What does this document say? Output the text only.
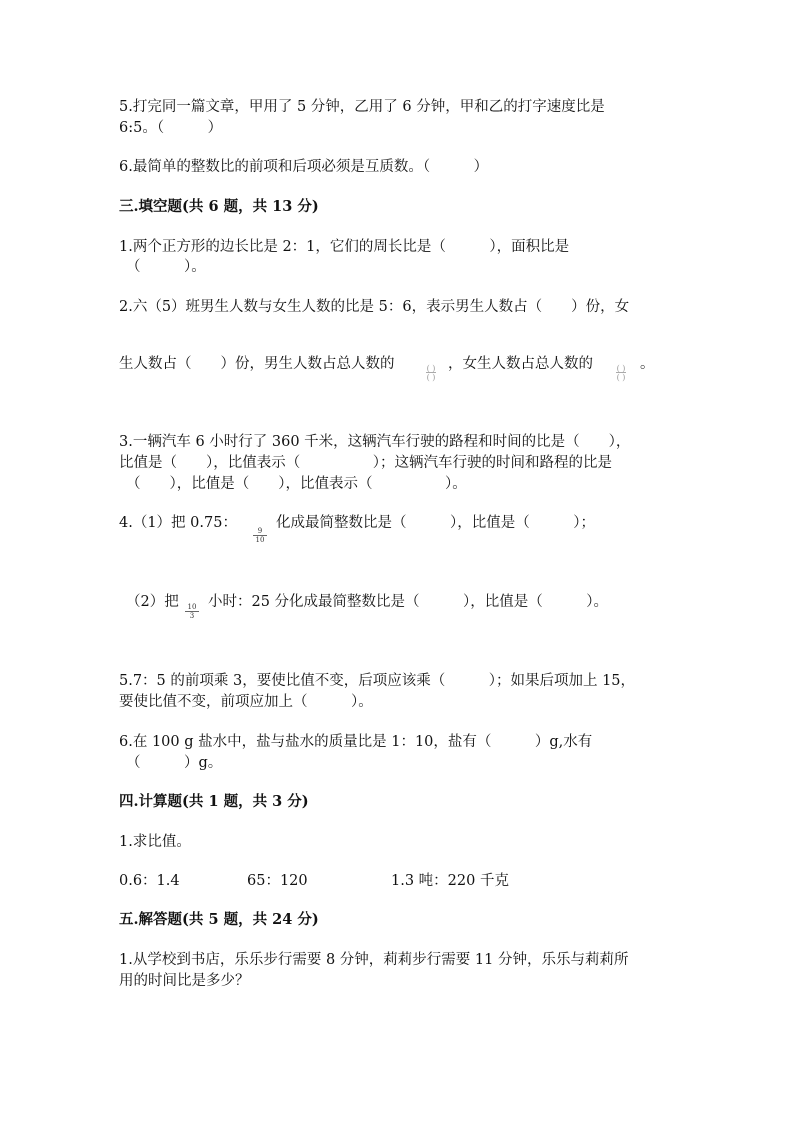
5.打完同一篇文章，甲用了 5 分钟，乙用了 6 分钟，甲和乙的打字速度比是
6:5。（　　　）
6.最简单的整数比的前项和后项必须是互质数。（　　　）
三.填空题(共 6 题，共 13 分)
1.两个正方形的边长比是 2：1，它们的周长比是（　　　），面积比是
（　　　）。
2.六（5）班男生人数与女生人数的比是 5：6，表示男生人数占（　　）份，女
生人数占（　　）份，男生人数占总人数的	( )
( )
，女生人数占总人数的	( )
( )
。
3.一辆汽车 6 小时行了 360 千米，这辆汽车行驶的路程和时间的比是（　　），
比值是（　　），比值表示（　　　　　）；这辆汽车行驶的时间和路程的比是
（　　），比值是（　　），比值表示（　　　　　）。
4.（1）把 0.75：
$\frac{9}{10}$
化成最简整数比是（　　　），比值是（　　　）；
（2）把
$\frac{10}{3}$
小时：25 分化成最简整数比是（　　　），比值是（　　　）。
5.7：5 的前项乘 3，要使比值不变，后项应该乘（　　　）；如果后项加上 15，
要使比值不变，前项应加上（　　　）。
6.在 100 g 盐水中，盐与盐水的质量比是 1：10，盐有（　　　）g,水有
（　　　）g。
四.计算题(共 1 题，共 3 分)
1.求比值。
0.6：1.4	65：120	1.3 吨：220 千克
五.解答题(共 5 题，共 24 分)
1.从学校到书店，乐乐步行需要 8 分钟，莉莉步行需要 11 分钟，乐乐与莉莉所
用的时间比是多少？
